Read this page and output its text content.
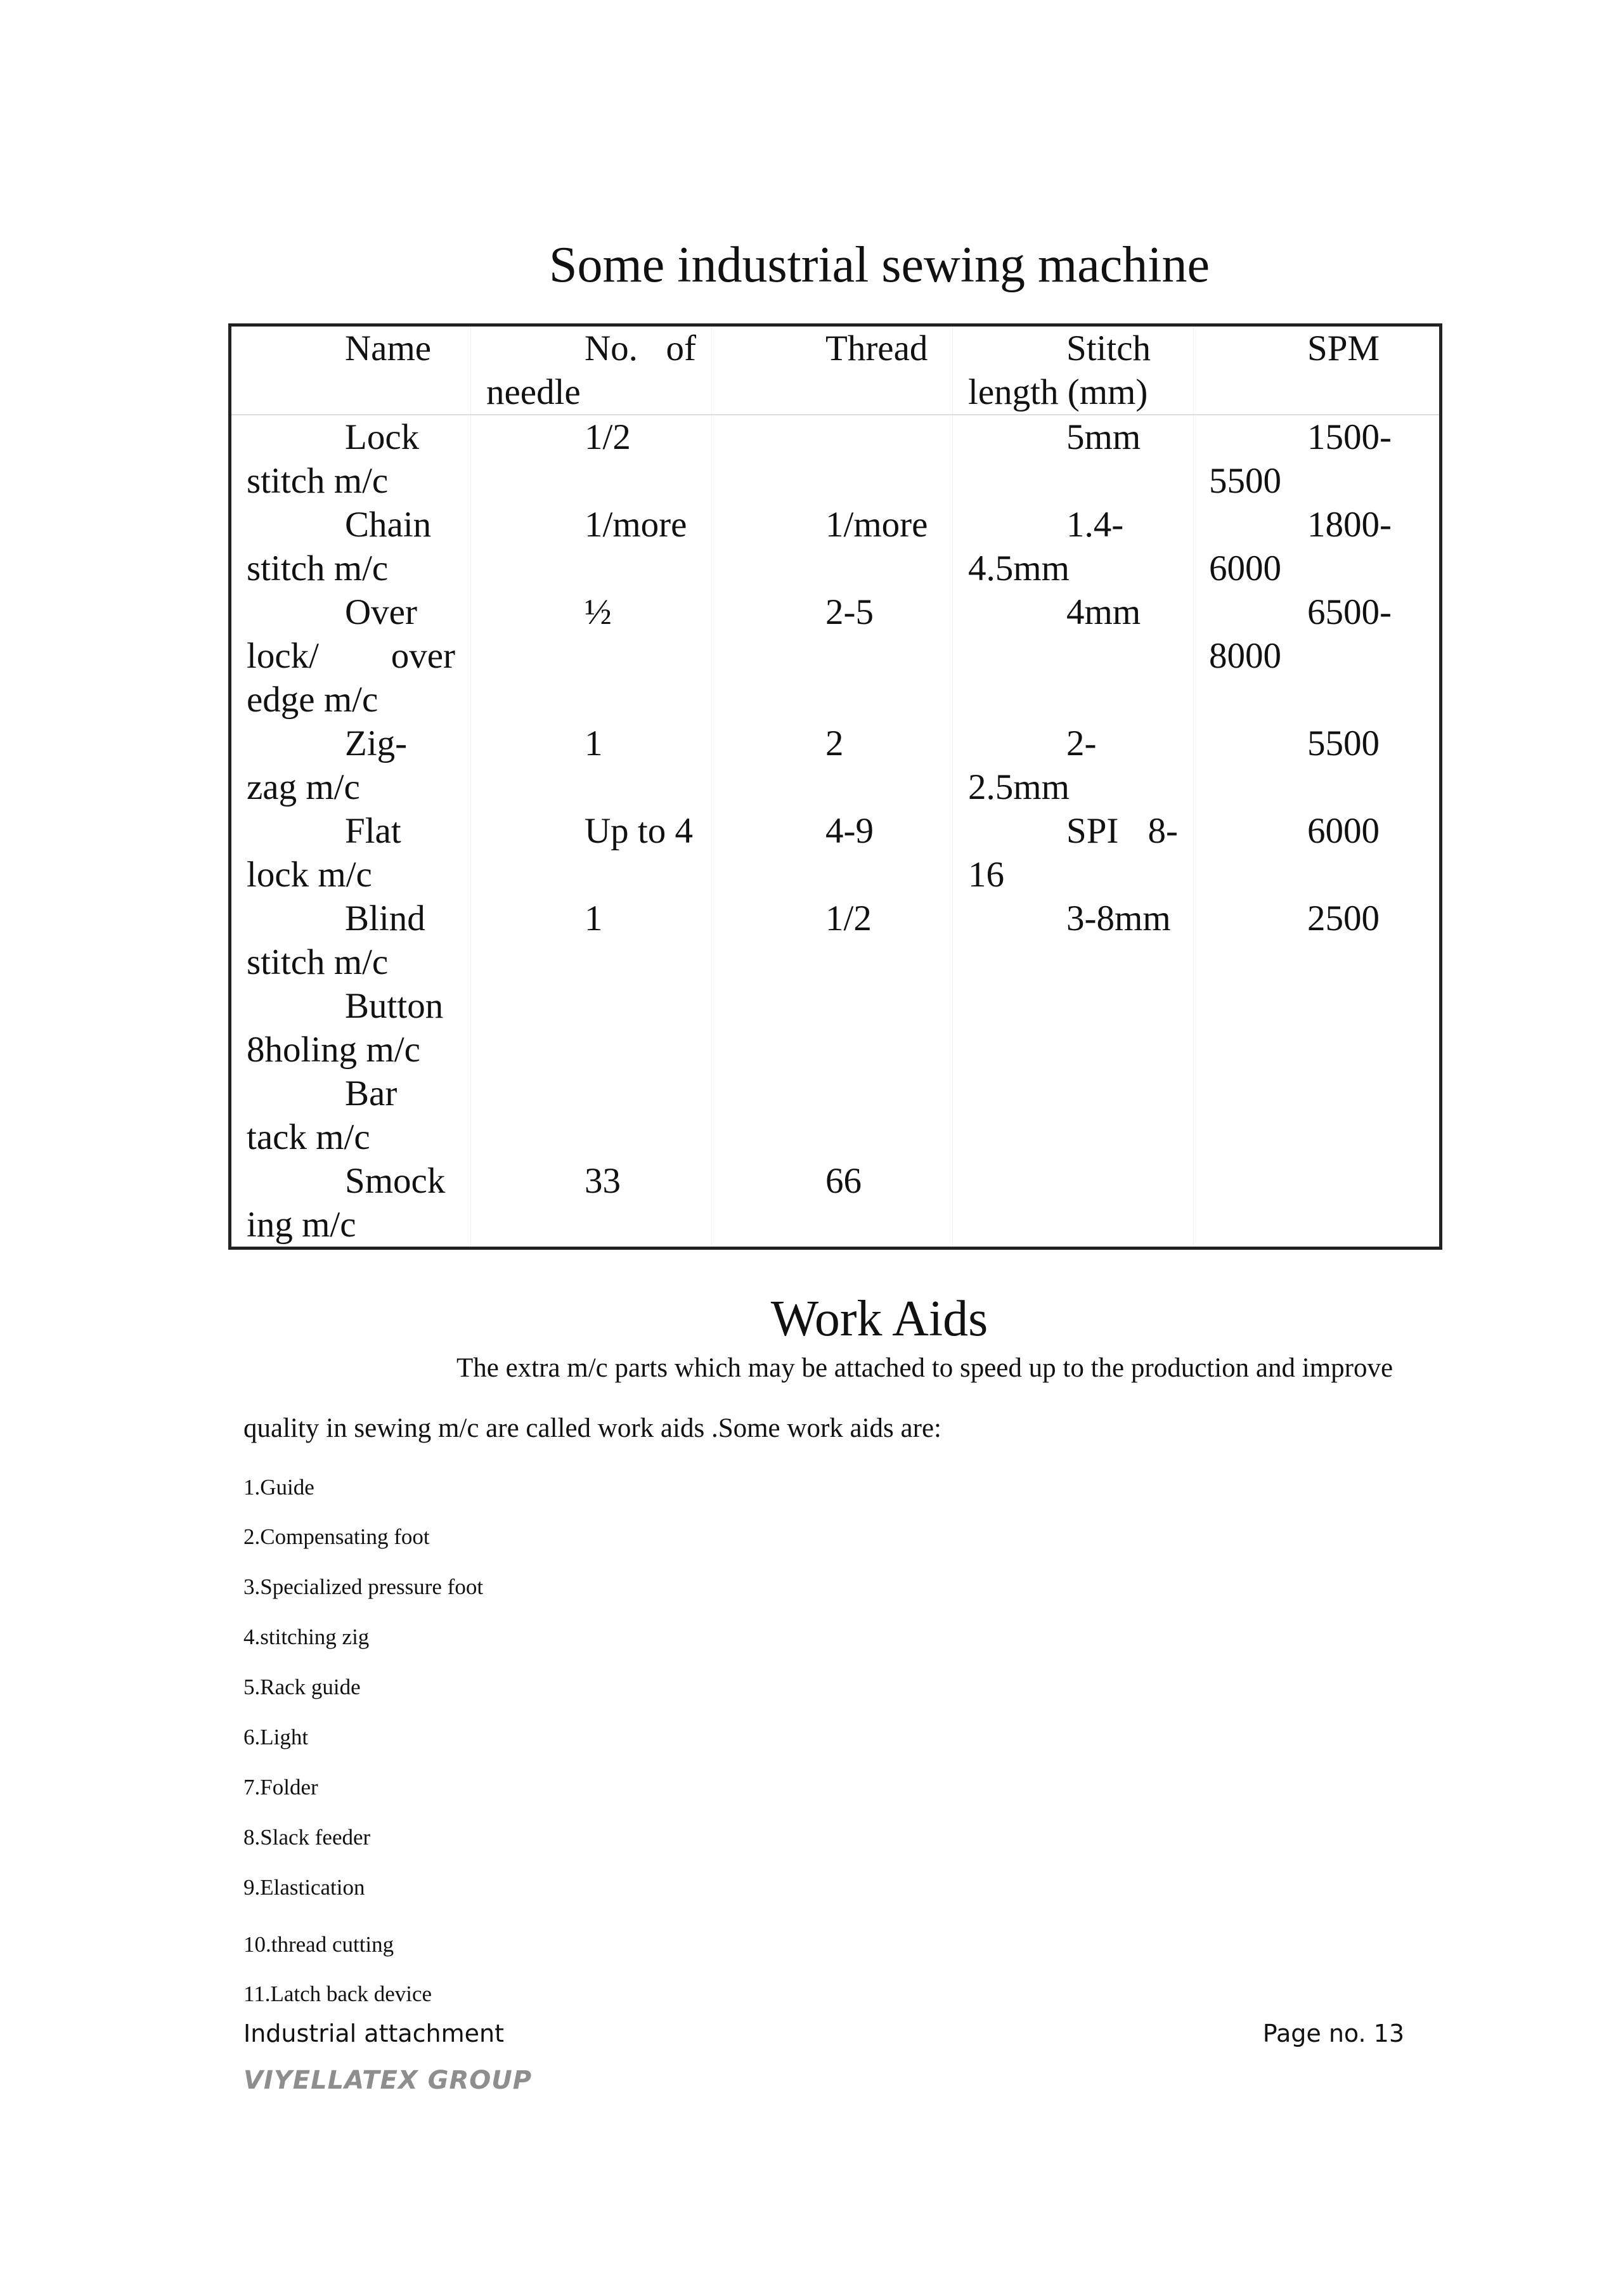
Some industrial sewing machine
Name	No. of needle	Thread	Stitch length (mm)	SPM
Lock stitch m/c	1/2		5mm	1500-5500
Chain stitch m/c	1/more	1/more	1.4-4.5mm	1800-6000
Over lock/ over edge m/c	½	2-5	4mm	6500-8000
Zig-zag m/c	1	2	2-2.5mm	5500
Flat lock m/c	Up to 4	4-9	SPI 8-16	6000
Blind stitch m/c	1	1/2	3-8mm	2500
Button 8holing m/c				
Bar tack m/c				
Smock ing m/c	33	66		
Work Aids
The extra m/c parts which may be attached to speed up to the production and improve
quality in sewing m/c are called work aids .Some work aids are:
1.Guide
2.Compensating foot
3.Specialized pressure foot
4.stitching zig
5.Rack guide
6.Light
7.Folder
8.Slack feeder
9.Elastication
10.thread cutting
11.Latch back device
Industrial attachment	Page no. 13
VIYELLATEX GROUP
